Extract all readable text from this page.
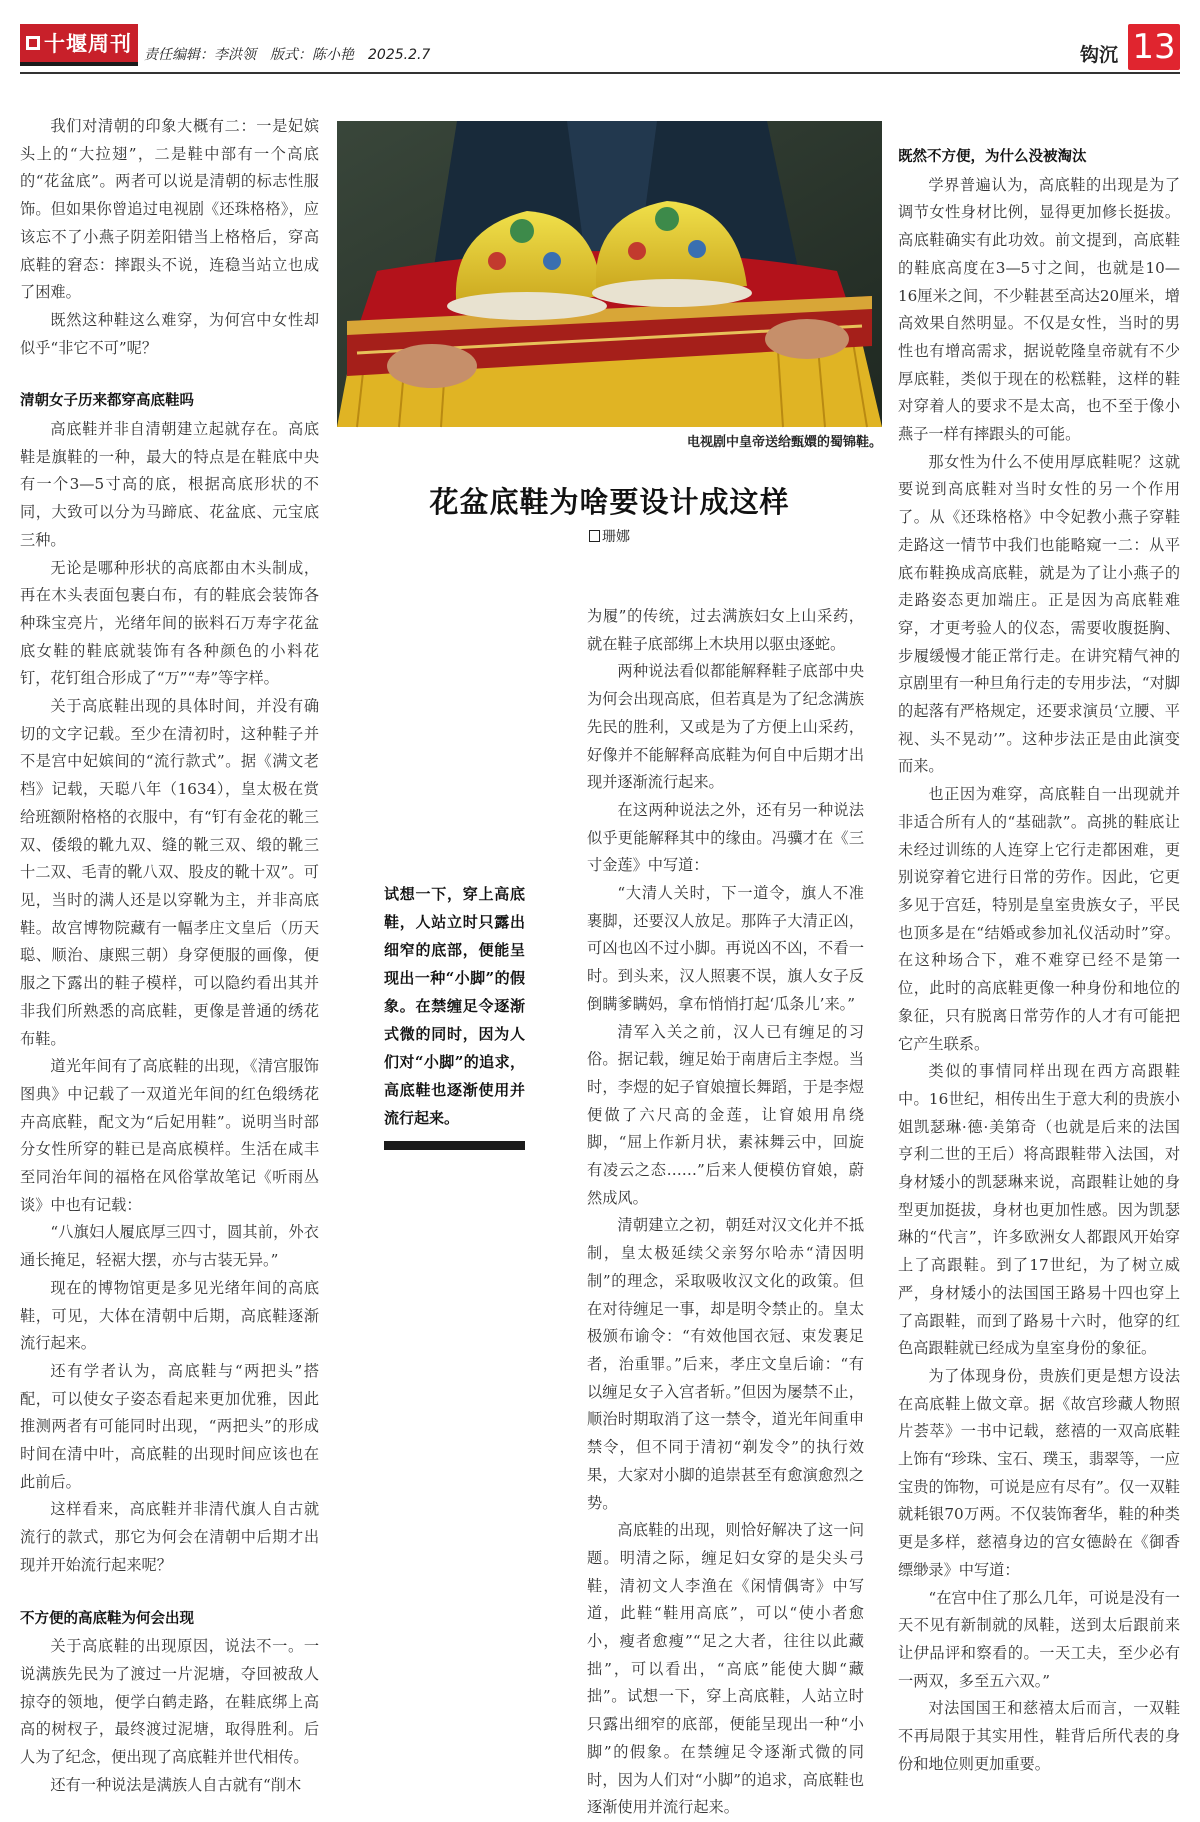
十堰周刊 责任编辑：李洪领　版式：陈小艳　2025.2.7	钩沉 13

我们对清朝的印象大概有二：一是妃嫔头上的“大拉翅”，二是鞋中部有一个高底的“花盆底”。两者可以说是清朝的标志性服饰。但如果你曾追过电视剧《还珠格格》，应该忘不了小燕子阴差阳错当上格格后，穿高底鞋的窘态：摔跟头不说，连稳当站立也成了困难。

既然这种鞋这么难穿，为何宫中女性却似乎“非它不可”呢？

清朝女子历来都穿高底鞋吗

高底鞋并非自清朝建立起就存在。高底鞋是旗鞋的一种，最大的特点是在鞋底中央有一个3—5寸高的底，根据高底形状的不同，大致可以分为马蹄底、花盆底、元宝底三种。

无论是哪种形状的高底都由木头制成，再在木头表面包裹白布，有的鞋底会装饰各种珠宝亮片，光绪年间的嵌料石万寿字花盆底女鞋的鞋底就装饰有各种颜色的小料花钉，花钉组合形成了“万”“寿”等字样。

关于高底鞋出现的具体时间，并没有确切的文字记载。至少在清初时，这种鞋子并不是宫中妃嫔间的“流行款式”。据《满文老档》记载，天聪八年（1634），皇太极在赏给班额附格格的衣服中，有“钉有金花的靴三双、倭缎的靴九双、缝的靴三双、缎的靴三十二双、毛青的靴八双、股皮的靴十双”。可见，当时的满人还是以穿靴为主，并非高底鞋。故宫博物院藏有一幅孝庄文皇后（历天聪、顺治、康熙三朝）身穿便服的画像，便服之下露出的鞋子模样，可以隐约看出其并非我们所熟悉的高底鞋，更像是普通的绣花布鞋。

道光年间有了高底鞋的出现，《清宫服饰图典》中记载了一双道光年间的红色缎绣花卉高底鞋，配文为“后妃用鞋”。说明当时部分女性所穿的鞋已是高底模样。生活在咸丰至同治年间的福格在风俗掌故笔记《听雨丛谈》中也有记载：

“八旗妇人履底厚三四寸，圆其前，外衣通长掩足，轻裾大摆，亦与古装无异。”

现在的博物馆更是多见光绪年间的高底鞋，可见，大体在清朝中后期，高底鞋逐渐流行起来。

还有学者认为，高底鞋与“两把头”搭配，可以使女子姿态看起来更加优雅，因此推测两者有可能同时出现，“两把头”的形成时间在清中叶，高底鞋的出现时间应该也在此前后。

这样看来，高底鞋并非清代旗人自古就流行的款式，那它为何会在清朝中后期才出现并开始流行起来呢？

不方便的高底鞋为何会出现

关于高底鞋的出现原因，说法不一。一说满族先民为了渡过一片泥塘，夺回被敌人掠夺的领地，便学白鹤走路，在鞋底绑上高高的树杈子，最终渡过泥塘，取得胜利。后人为了纪念，便出现了高底鞋并世代相传。

还有一种说法是满族人自古就有“削木

电视剧中皇帝送给甄嬛的蜀锦鞋。
花盆底鞋为啥要设计成这样
珊娜
试想一下，穿上高底鞋，人站立时只露出细窄的底部，便能呈现出一种“小脚”的假象。在禁缠足令逐渐式微的同时，因为人们对“小脚”的追求，高底鞋也逐渐使用并流行起来。

为履”的传统，过去满族妇女上山采药，就在鞋子底部绑上木块用以驱虫逐蛇。

两种说法看似都能解释鞋子底部中央为何会出现高底，但若真是为了纪念满族先民的胜利，又或是为了方便上山采药，好像并不能解释高底鞋为何自中后期才出现并逐渐流行起来。

在这两种说法之外，还有另一种说法似乎更能解释其中的缘由。冯骥才在《三寸金莲》中写道：

“大清人关时，下一道令，旗人不准裹脚，还要汉人放足。那阵子大清正凶，可凶也凶不过小脚。再说凶不凶，不看一时。到头来，汉人照裹不误，旗人女子反倒瞒爹瞒妈，拿布悄悄打起‘瓜条儿’来。”

清军入关之前，汉人已有缠足的习俗。据记载，缠足始于南唐后主李煜。当时，李煜的妃子窅娘擅长舞蹈，于是李煜便做了六尺高的金莲，让窅娘用帛绕脚，“屈上作新月状，素袜舞云中，回旋有凌云之态……”后来人便模仿窅娘，蔚然成风。

清朝建立之初，朝廷对汉文化并不抵制，皇太极延续父亲努尔哈赤“清因明制”的理念，采取吸收汉文化的政策。但在对待缠足一事，却是明令禁止的。皇太极颁布谕令：“有效他国衣冠、束发裹足者，治重罪。”后来，孝庄文皇后谕：“有以缠足女子入宫者斩。”但因为屡禁不止，顺治时期取消了这一禁令，道光年间重申禁令，但不同于清初“剃发令”的执行效果，大家对小脚的追崇甚至有愈演愈烈之势。

高底鞋的出现，则恰好解决了这一问题。明清之际，缠足妇女穿的是尖头弓鞋，清初文人李渔在《闲情偶寄》中写道，此鞋“鞋用高底”，可以“使小者愈小，瘦者愈瘦”“足之大者，往往以此藏拙”，可以看出，“高底”能使大脚“藏拙”。试想一下，穿上高底鞋，人站立时只露出细窄的底部，便能呈现出一种“小脚”的假象。在禁缠足令逐渐式微的同时，因为人们对“小脚”的追求，高底鞋也逐渐使用并流行起来。

既然不方便，为什么没被淘汰

学界普遍认为，高底鞋的出现是为了调节女性身材比例，显得更加修长挺拔。高底鞋确实有此功效。前文提到，高底鞋的鞋底高度在3—5寸之间，也就是10—16厘米之间，不少鞋甚至高达20厘米，增高效果自然明显。不仅是女性，当时的男性也有增高需求，据说乾隆皇帝就有不少厚底鞋，类似于现在的松糕鞋，这样的鞋对穿着人的要求不是太高，也不至于像小燕子一样有摔跟头的可能。

那女性为什么不使用厚底鞋呢？这就要说到高底鞋对当时女性的另一个作用了。从《还珠格格》中令妃教小燕子穿鞋走路这一情节中我们也能略窥一二：从平底布鞋换成高底鞋，就是为了让小燕子的走路姿态更加端庄。正是因为高底鞋难穿，才更考验人的仪态，需要收腹挺胸、步履缓慢才能正常行走。在讲究精气神的京剧里有一种旦角行走的专用步法，“对脚的起落有严格规定，还要求演员‘立腰、平视、头不晃动’”。这种步法正是由此演变而来。

也正因为难穿，高底鞋自一出现就并非适合所有人的“基础款”。高挑的鞋底让未经过训练的人连穿上它行走都困难，更别说穿着它进行日常的劳作。因此，它更多见于宫廷，特别是皇室贵族女子，平民也顶多是在“结婚或参加礼仪活动时”穿。在这种场合下，难不难穿已经不是第一位，此时的高底鞋更像一种身份和地位的象征，只有脱离日常劳作的人才有可能把它产生联系。

类似的事情同样出现在西方高跟鞋中。16世纪，相传出生于意大利的贵族小姐凯瑟琳·德·美第奇（也就是后来的法国亨利二世的王后）将高跟鞋带入法国，对身材矮小的凯瑟琳来说，高跟鞋让她的身型更加挺拔，身材也更加性感。因为凯瑟琳的“代言”，许多欧洲女人都跟风开始穿上了高跟鞋。到了17世纪，为了树立威严，身材矮小的法国国王路易十四也穿上了高跟鞋，而到了路易十六时，他穿的红色高跟鞋就已经成为皇室身份的象征。

为了体现身份，贵族们更是想方设法在高底鞋上做文章。据《故宫珍藏人物照片荟萃》一书中记载，慈禧的一双高底鞋上饰有“珍珠、宝石、璞玉，翡翠等，一应宝贵的饰物，可说是应有尽有”。仅一双鞋就耗银70万两。不仅装饰奢华，鞋的种类更是多样，慈禧身边的宫女德龄在《御香缥缈录》中写道：

“在宫中住了那么几年，可说是没有一天不见有新制就的凤鞋，送到太后跟前来让伊品评和察看的。一天工夫，至少必有一两双，多至五六双。”

对法国国王和慈禧太后而言，一双鞋不再局限于其实用性，鞋背后所代表的身份和地位则更加重要。
